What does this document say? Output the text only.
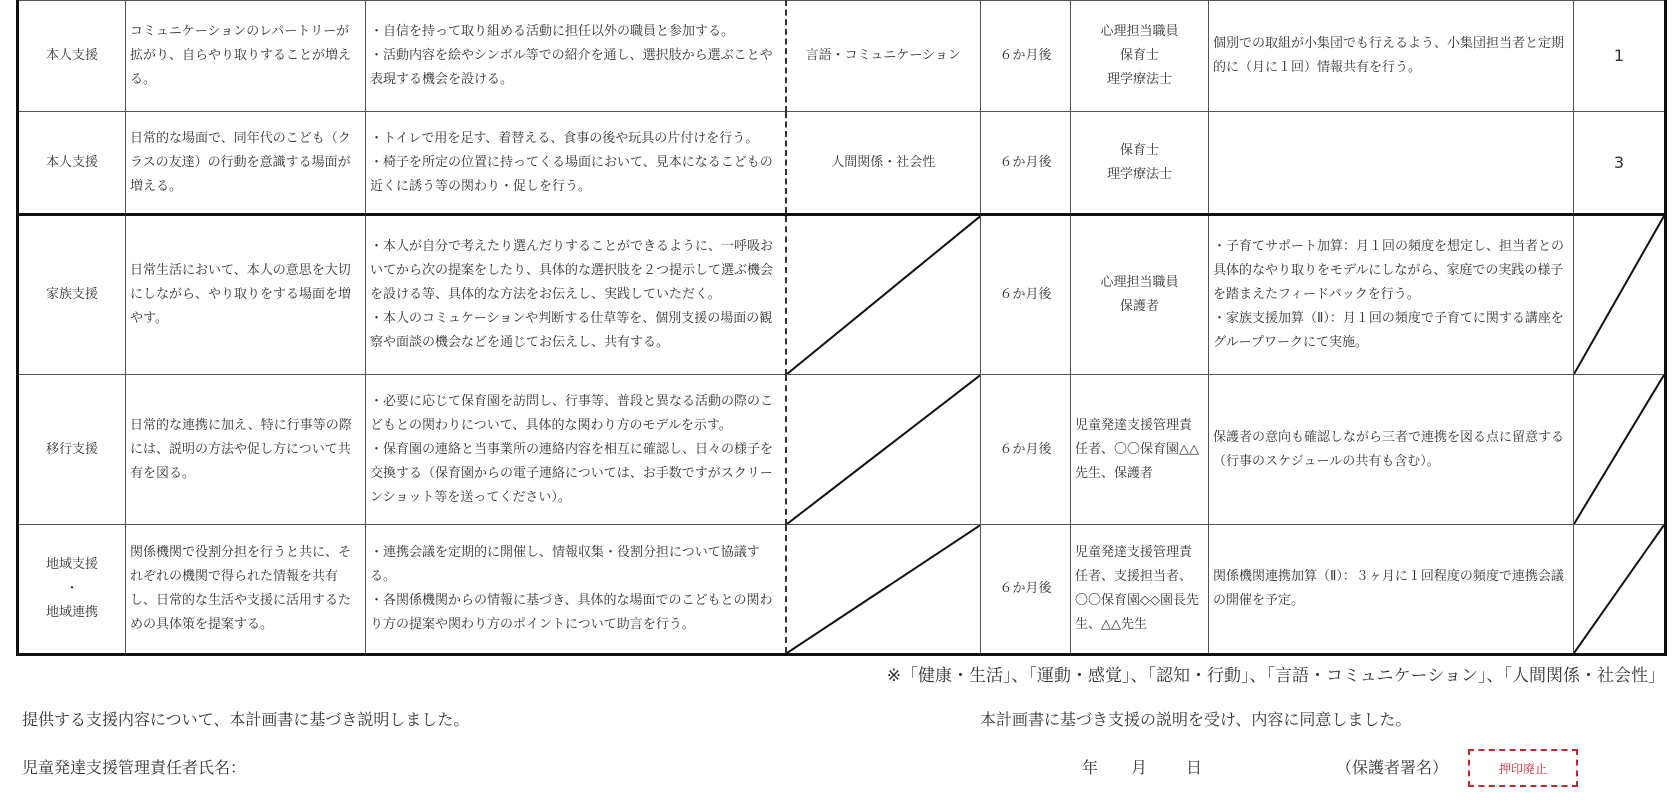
本人支援	コミュニケーションのレパートリーが拡がり、自らやり取りすることが増える。	・自信を持って取り組める活動に担任以外の職員と参加する。
・活動内容を絵やシンボル等での紹介を通し、選択肢から選ぶことや表現する機会を設ける。	言語・コミュニケーション	６か月後	心理担当職員
保育士
理学療法士	個別での取組が小集団でも行えるよう、小集団担当者と定期的に（月に１回）情報共有を行う。	1
本人支援	日常的な場面で、同年代のこども（クラスの友達）の行動を意識する場面が増える。	・トイレで用を足す、着替える、食事の後や玩具の片付けを行う。
・椅子を所定の位置に持ってくる場面において、見本になるこどもの近くに誘う等の関わり・促しを行う。	人間関係・社会性	６か月後	保育士
理学療法士		3
家族支援	日常生活において、本人の意思を大切にしながら、やり取りをする場面を増やす。	・本人が自分で考えたり選んだりすることができるように、一呼吸おいてから次の提案をしたり、具体的な選択肢を２つ提示して選ぶ機会を設ける等、具体的な方法をお伝えし、実践していただく。
・本人のコミュケーションや判断する仕草等を、個別支援の場面の観察や面談の機会などを通じてお伝えし、共有する。		６か月後	心理担当職員
保護者	・子育てサポート加算：月１回の頻度を想定し、担当者との具体的なやり取りをモデルにしながら、家庭での実践の様子を踏まえたフィードバックを行う。
・家族支援加算（Ⅱ）：月１回の頻度で子育てに関する講座をグループワークにて実施。	

移行支援	日常的な連携に加え、特に行事等の際には、説明の方法や促し方について共有を図る。	・必要に応じて保育園を訪問し、行事等、普段と異なる活動の際のこどもとの関わりについて、具体的な関わり方のモデルを示す。
・保育園の連絡と当事業所の連絡内容を相互に確認し、日々の様子を交換する（保育園からの電子連絡については、お手数ですがスクリーンショット等を送ってください）。		６か月後	児童発達支援管理責任者、〇〇保育園△△先生、保護者	保護者の意向も確認しながら三者で連携を図る点に留意する（行事のスケジュールの共有も含む）。	

地域支援
・
地域連携	関係機関で役割分担を行うと共に、それぞれの機関で得られた情報を共有し、日常的な生活や支援に活用するための具体策を提案する。	・連携会議を定期的に開催し、情報収集・役割分担について協議する。
・各関係機関からの情報に基づき、具体的な場面でのこどもとの関わり方の提案や関わり方のポイントについて助言を行う。		６か月後	児童発達支援管理責任者、支援担当者、〇〇保育園◇◇園長先生、△△先生	関係機関連携加算（Ⅱ）：３ヶ月に１回程度の頻度で連携会議の開催を予定。	
※「健康・生活」、「運動・感覚」、「認知・行動」、「言語・コミュニケーション」、「人間関係・社会性」
提供する支援内容について、本計画書に基づき説明しました。	本計画書に基づき支援の説明を受け、内容に同意しました。
児童発達支援管理責任者氏名：	年 月 日	（保護者署名）	押印廃止
